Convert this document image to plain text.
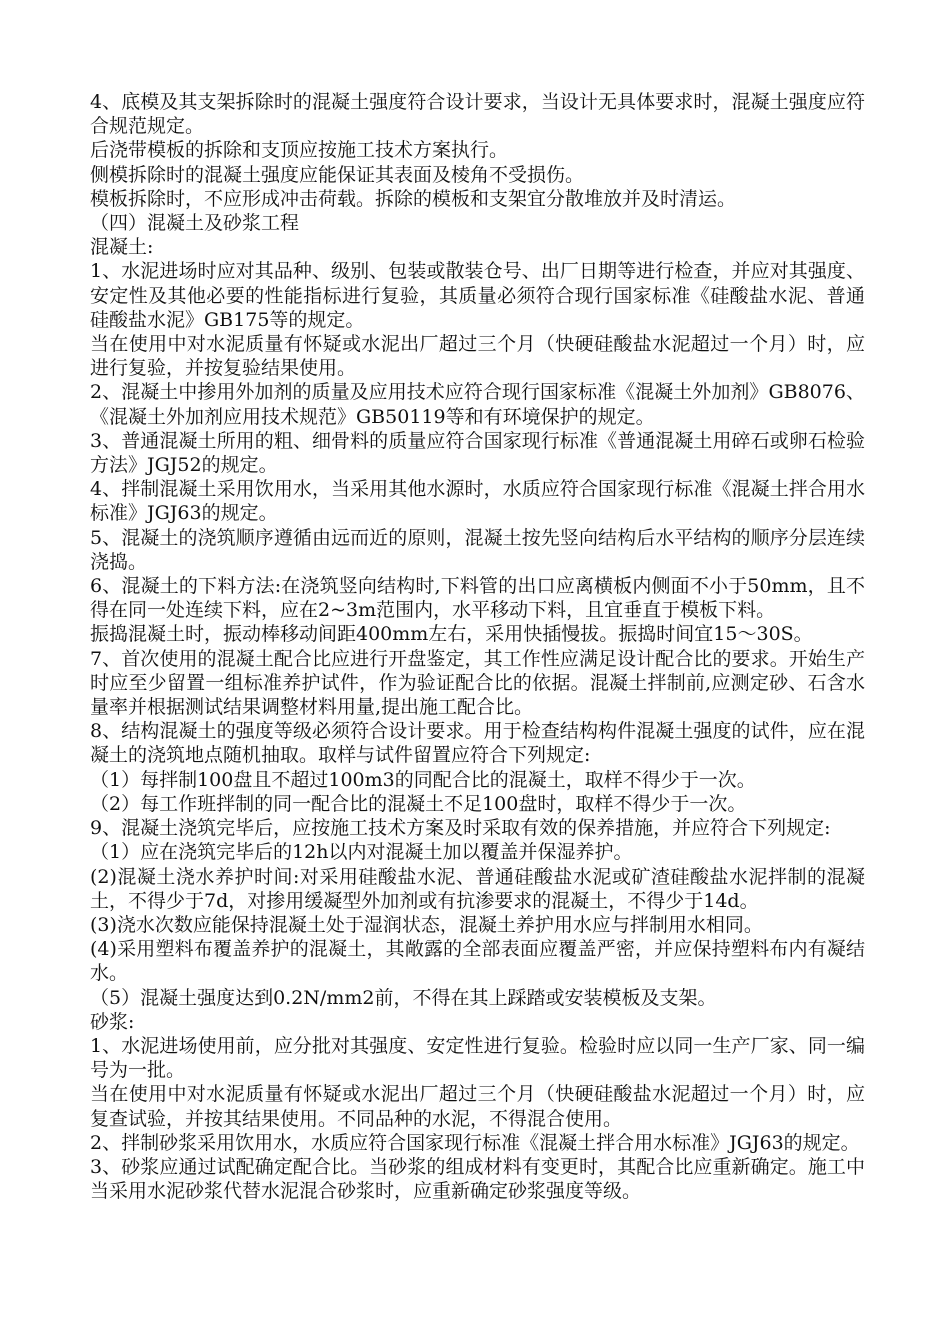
4、底模及其支架拆除时的混凝土强度符合设计要求，当设计无具体要求时，混凝土强度应符合规范规定。

后浇带模板的拆除和支顶应按施工技术方案执行。

侧模拆除时的混凝土强度应能保证其表面及棱角不受损伤。

模板拆除时，不应形成冲击荷载。拆除的模板和支架宜分散堆放并及时清运。

（四）混凝土及砂浆工程

混凝土:

1、水泥进场时应对其品种、级别、包装或散装仓号、出厂日期等进行检查，并应对其强度、安定性及其他必要的性能指标进行复验，其质量必须符合现行国家标准《硅酸盐水泥、普通硅酸盐水泥》GB175等的规定。

当在使用中对水泥质量有怀疑或水泥出厂超过三个月（快硬硅酸盐水泥超过一个月）时，应进行复验，并按复验结果使用。

2、混凝土中掺用外加剂的质量及应用技术应符合现行国家标准《混凝土外加剂》GB8076、《混凝土外加剂应用技术规范》GB50119等和有环境保护的规定。

3、普通混凝土所用的粗、细骨料的质量应符合国家现行标准《普通混凝土用碎石或卵石检验方法》JGJ52的规定。

4、拌制混凝土采用饮用水，当采用其他水源时，水质应符合国家现行标准《混凝土拌合用水标准》JGJ63的规定。

5、混凝土的浇筑顺序遵循由远而近的原则，混凝土按先竖向结构后水平结构的顺序分层连续浇捣。

6、混凝土的下料方法:在浇筑竖向结构时,下料管的出口应离横板内侧面不小于50mm，且不得在同一处连续下料，应在2~3m范围内，水平移动下料，且宜垂直于模板下料。

振捣混凝土时，振动棒移动间距400mm左右，采用快插慢拔。振捣时间宜15～30S。

7、首次使用的混凝土配合比应进行开盘鉴定，其工作性应满足设计配合比的要求。开始生产时应至少留置一组标准养护试件，作为验证配合比的依据。混凝土拌制前,应测定砂、石含水量率并根据测试结果调整材料用量,提出施工配合比。

8、结构混凝土的强度等级必须符合设计要求。用于检查结构构件混凝土强度的试件，应在混凝土的浇筑地点随机抽取。取样与试件留置应符合下列规定:

（1）每拌制100盘且不超过100m3的同配合比的混凝土，取样不得少于一次。

（2）每工作班拌制的同一配合比的混凝土不足100盘时，取样不得少于一次。

9、混凝土浇筑完毕后，应按施工技术方案及时采取有效的保养措施，并应符合下列规定:

（1）应在浇筑完毕后的12h以内对混凝土加以覆盖并保湿养护。

(2)混凝土浇水养护时间:对采用硅酸盐水泥、普通硅酸盐水泥或矿渣硅酸盐水泥拌制的混凝土，不得少于7d，对掺用缓凝型外加剂或有抗渗要求的混凝土，不得少于14d。

(3)浇水次数应能保持混凝土处于湿润状态，混凝土养护用水应与拌制用水相同。

(4)采用塑料布覆盖养护的混凝土，其敞露的全部表面应覆盖严密，并应保持塑料布内有凝结水。

（5）混凝土强度达到0.2N/mm2前，不得在其上踩踏或安装模板及支架。

砂浆:

1、水泥进场使用前，应分批对其强度、安定性进行复验。检验时应以同一生产厂家、同一编号为一批。

当在使用中对水泥质量有怀疑或水泥出厂超过三个月（快硬硅酸盐水泥超过一个月）时，应复查试验，并按其结果使用。不同品种的水泥，不得混合使用。

2、拌制砂浆采用饮用水，水质应符合国家现行标准《混凝土拌合用水标准》JGJ63的规定。

3、砂浆应通过试配确定配合比。当砂浆的组成材料有变更时，其配合比应重新确定。施工中当采用水泥砂浆代替水泥混合砂浆时，应重新确定砂浆强度等级。
